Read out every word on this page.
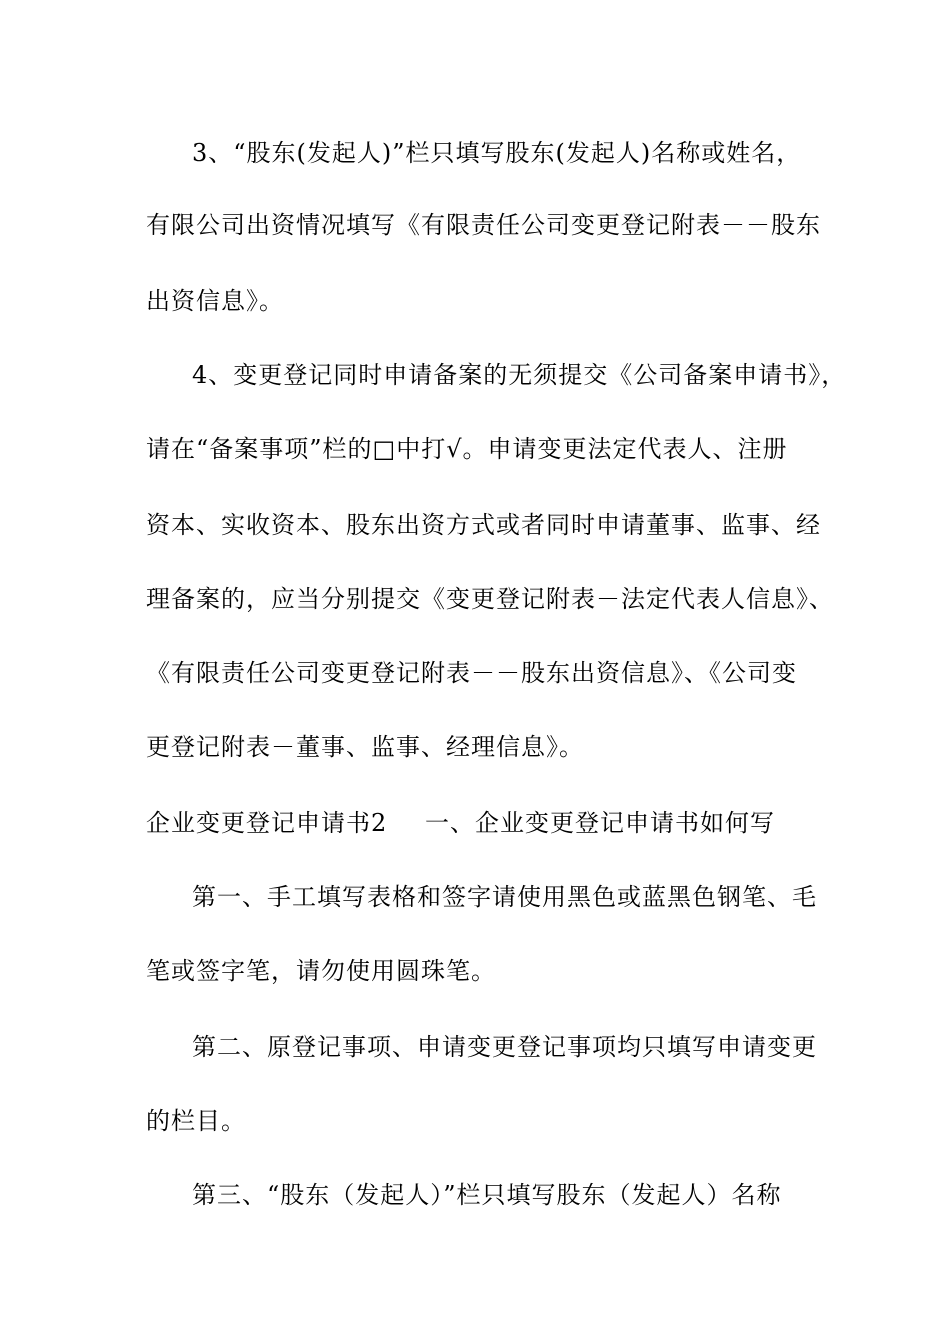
3、“股东(发起人)”栏只填写股东(发起人)名称或姓名，
有限公司出资情况填写《有限责任公司变更登记附表－－股东
出资信息》。
4、变更登记同时申请备案的无须提交《公司备案申请书》，
请在“备案事项”栏的□中打√。申请变更法定代表人、注册
资本、实收资本、股东出资方式或者同时申请董事、监事、经
理备案的，应当分别提交《变更登记附表－法定代表人信息》、
《有限责任公司变更登记附表－－股东出资信息》、《公司变
更登记附表－董事、监事、经理信息》。
企业变更登记申请书2 一、企业变更登记申请书如何写
第一、手工填写表格和签字请使用黑色或蓝黑色钢笔、毛
笔或签字笔，请勿使用圆珠笔。
第二、原登记事项、申请变更登记事项均只填写申请变更
的栏目。
第三、“股东（发起人）”栏只填写股东（发起人）名称
